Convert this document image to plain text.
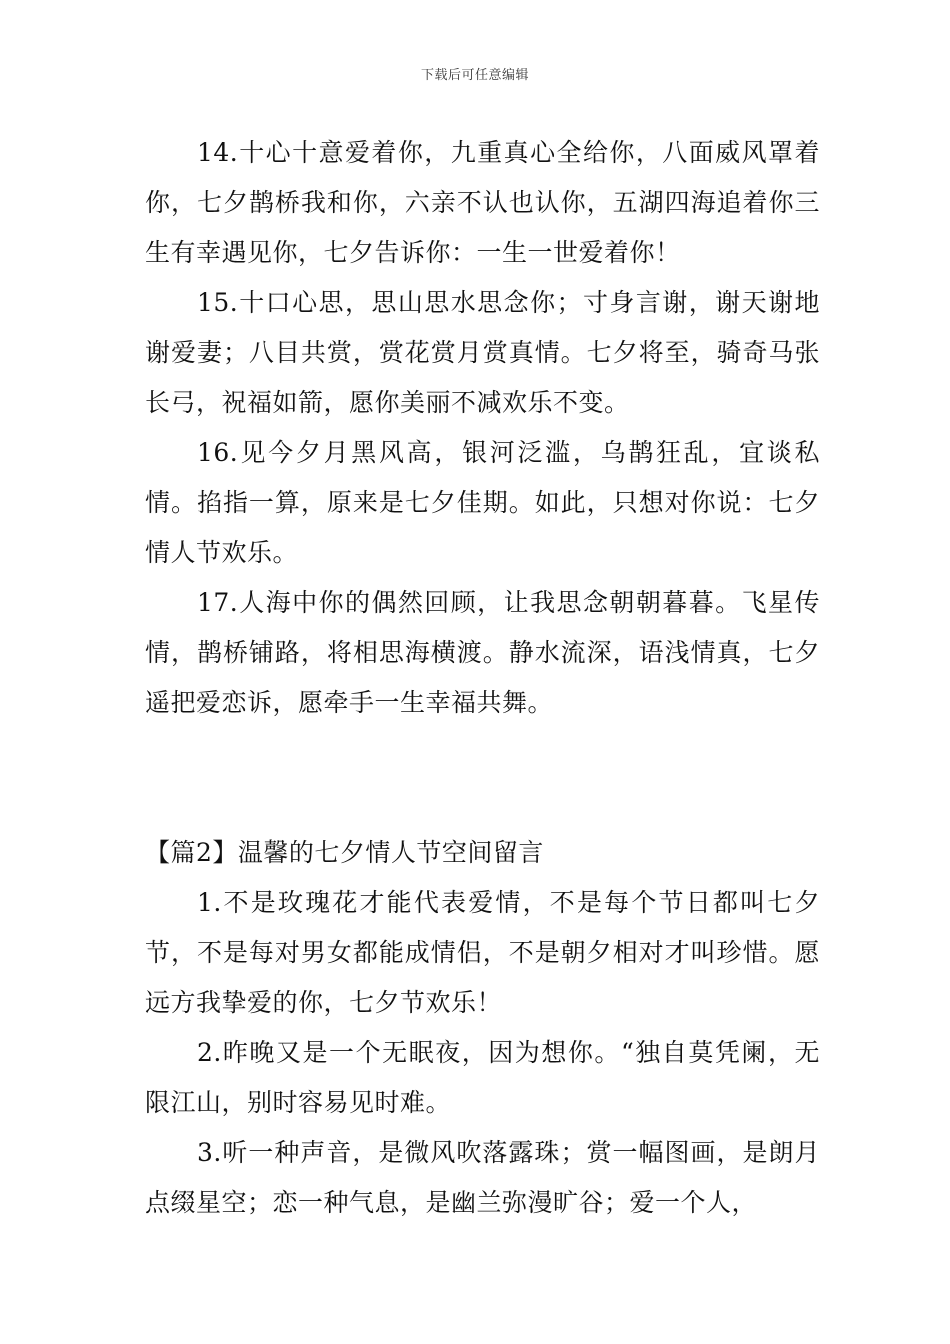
下载后可任意编辑

14.十心十意爱着你，九重真心全给你，八面威风罩着你，七夕鹊桥我和你，六亲不认也认你，五湖四海追着你三生有幸遇见你，七夕告诉你：一生一世爱着你！

15.十口心思，思山思水思念你；寸身言谢，谢天谢地谢爱妻；八目共赏，赏花赏月赏真情。七夕将至，骑奇马张长弓，祝福如箭，愿你美丽不减欢乐不变。

16.见今夕月黑风高，银河泛滥，乌鹊狂乱，宜谈私情。掐指一算，原来是七夕佳期。如此，只想对你说：七夕情人节欢乐。

17.人海中你的偶然回顾，让我思念朝朝暮暮。飞星传情，鹊桥铺路，将相思海横渡。静水流深，语浅情真，七夕遥把爱恋诉，愿牵手一生幸福共舞。

【篇2】温馨的七夕情人节空间留言

1.不是玫瑰花才能代表爱情，不是每个节日都叫七夕节，不是每对男女都能成情侣，不是朝夕相对才叫珍惜。愿远方我挚爱的你，七夕节欢乐！

2.昨晚又是一个无眠夜，因为想你。“独自莫凭阑，无限江山，别时容易见时难。

3.听一种声音，是微风吹落露珠；赏一幅图画，是朗月点缀星空；恋一种气息，是幽兰弥漫旷谷；爱一个人，
